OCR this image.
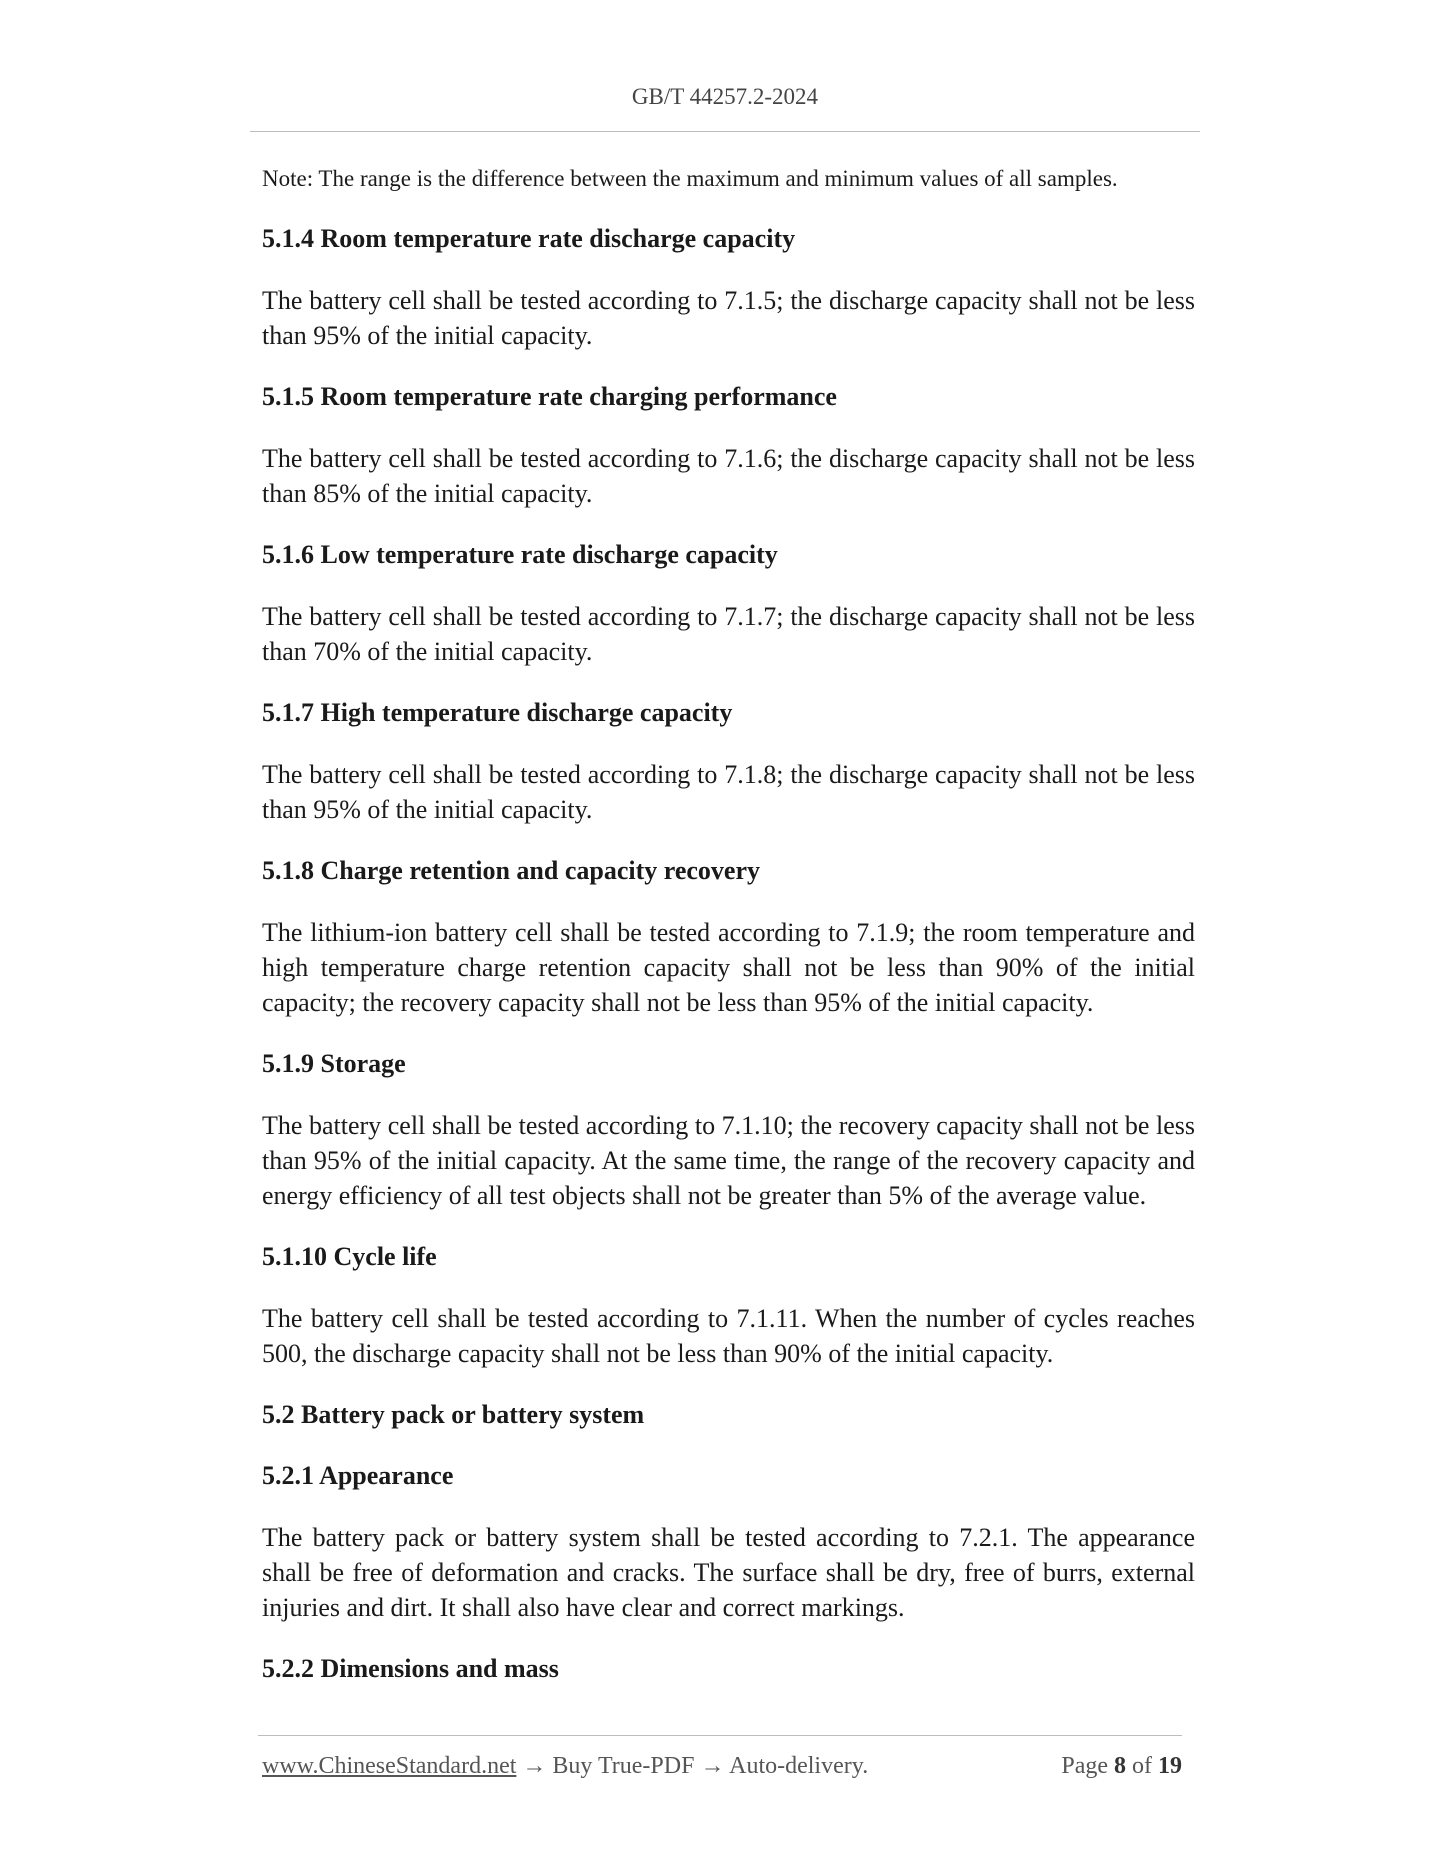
GB/T 44257.2-2024

Note: The range is the difference between the maximum and minimum values of all samples.

5.1.4 Room temperature rate discharge capacity

The battery cell shall be tested according to 7.1.5; the discharge capacity shall not be less than 95% of the initial capacity.

5.1.5 Room temperature rate charging performance

The battery cell shall be tested according to 7.1.6; the discharge capacity shall not be less than 85% of the initial capacity.

5.1.6 Low temperature rate discharge capacity

The battery cell shall be tested according to 7.1.7; the discharge capacity shall not be less than 70% of the initial capacity.

5.1.7 High temperature discharge capacity

The battery cell shall be tested according to 7.1.8; the discharge capacity shall not be less than 95% of the initial capacity.

5.1.8 Charge retention and capacity recovery

The lithium-ion battery cell shall be tested according to 7.1.9; the room temperature and high temperature charge retention capacity shall not be less than 90% of the initial capacity; the recovery capacity shall not be less than 95% of the initial capacity.

5.1.9 Storage

The battery cell shall be tested according to 7.1.10; the recovery capacity shall not be less than 95% of the initial capacity. At the same time, the range of the recovery capacity and energy efficiency of all test objects shall not be greater than 5% of the average value.

5.1.10 Cycle life

The battery cell shall be tested according to 7.1.11. When the number of cycles reaches 500, the discharge capacity shall not be less than 90% of the initial capacity.

5.2 Battery pack or battery system
5.2.1 Appearance

The battery pack or battery system shall be tested according to 7.2.1. The appearance shall be free of deformation and cracks. The surface shall be dry, free of burrs, external injuries and dirt. It shall also have clear and correct markings.

5.2.2 Dimensions and mass
www.ChineseStandard.net → Buy True-PDF → Auto-delivery.	Page 8 of 19
